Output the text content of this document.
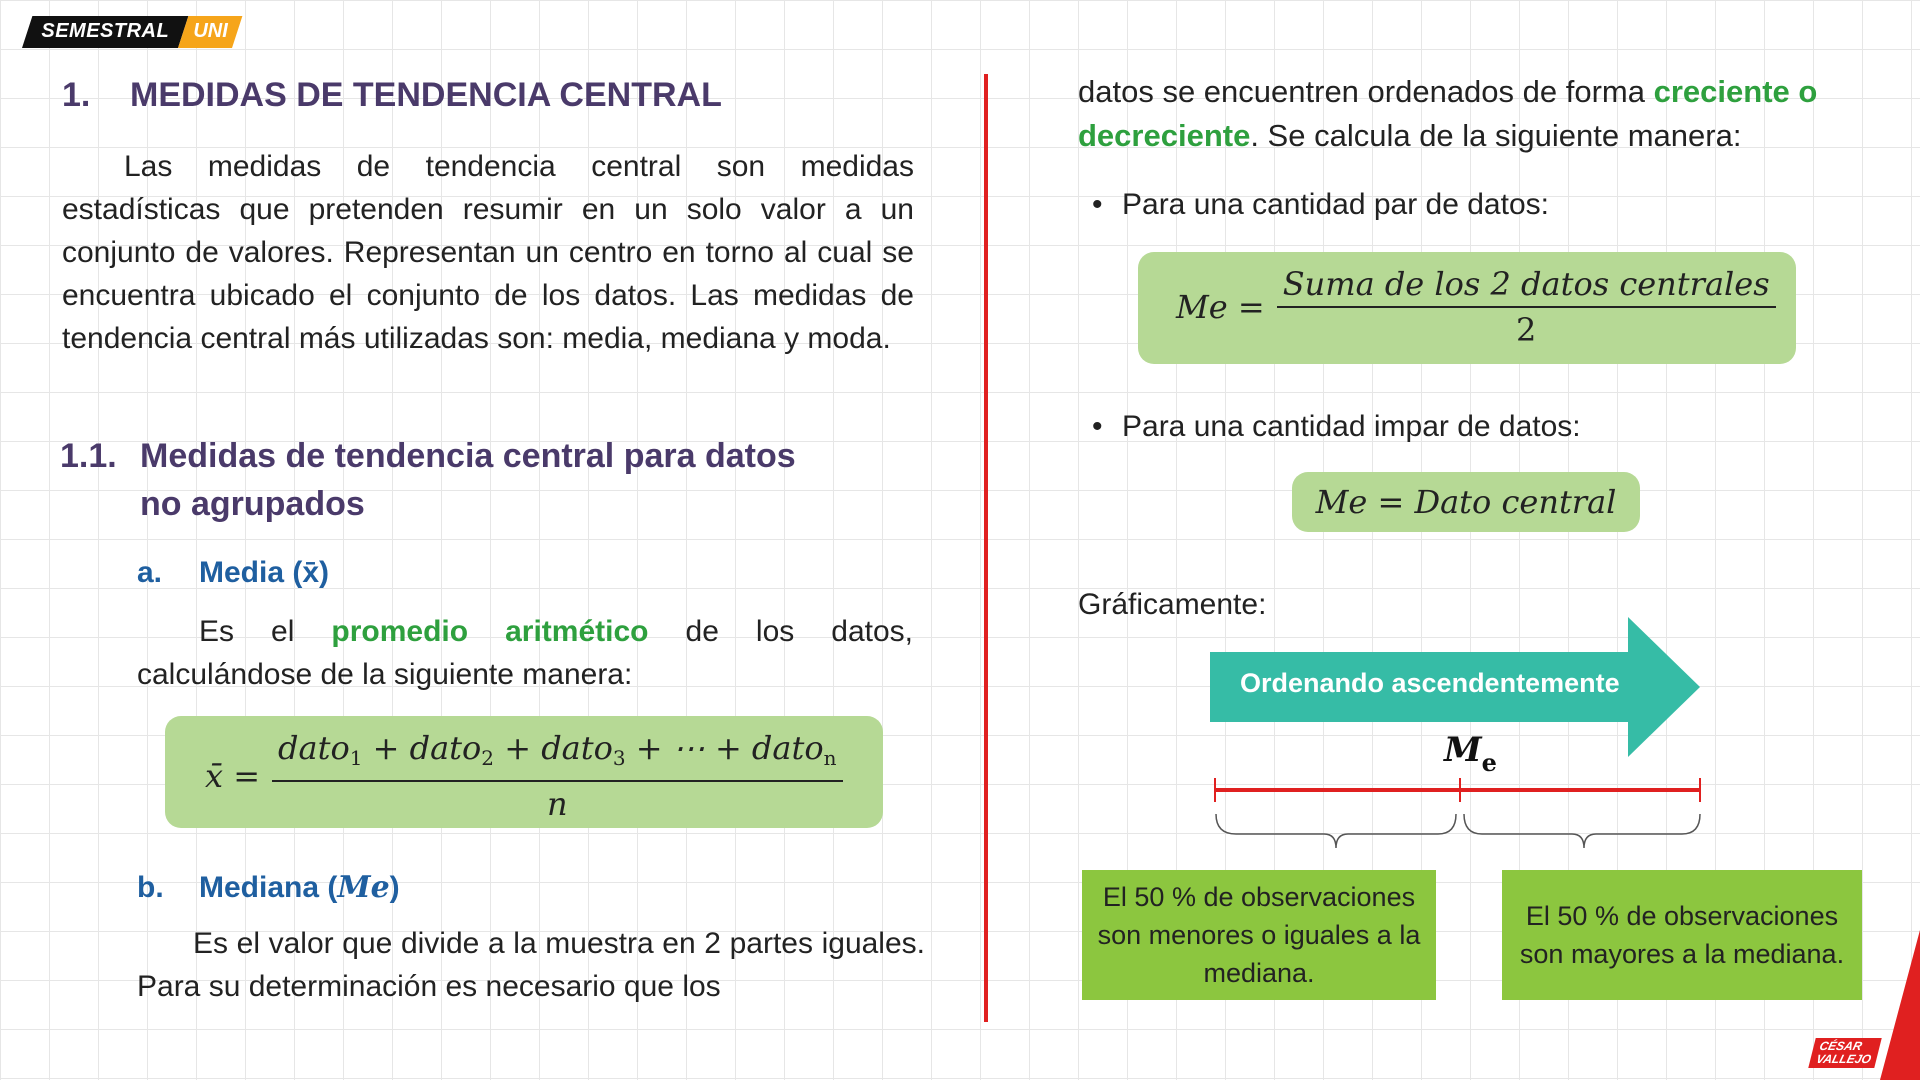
SEMESTRAL	UNI
1. MEDIDAS DE TENDENCIA CENTRAL
Las medidas de tendencia central son medidas estadísticas que pretenden resumir en un solo valor a un conjunto de valores. Representan un centro en torno al cual se encuentra ubicado el conjunto de los datos. Las medidas de tendencia central más utilizadas son: media, mediana y moda.
1.1. Medidas de tendencia central para datos
no agrupados
a. Media (x̄)
Es el promedio aritmético de los datos, calculándose de la siguiente manera:
x̄ = $\frac{dato_1 + dato_2 + dato_3 + \cdots + dato_n}{n}$
b. Mediana (Me)
Es el valor que divide a la muestra en 2 partes iguales. Para su determinación es necesario que los
datos se encuentren ordenados de forma creciente o decreciente. Se calcula de la siguiente manera:
• Para una cantidad par de datos:
$Me = \frac{\text{Suma de los 2 datos centrales}}{2}$
• Para una cantidad impar de datos:
Me = Dato central
Gráficamente:
Ordenando ascendentemente
$M_e$
El 50 % de observaciones son menores o iguales a la mediana.
El 50 % de observaciones son mayores a la mediana.
CÉSAR
VALLEJO
